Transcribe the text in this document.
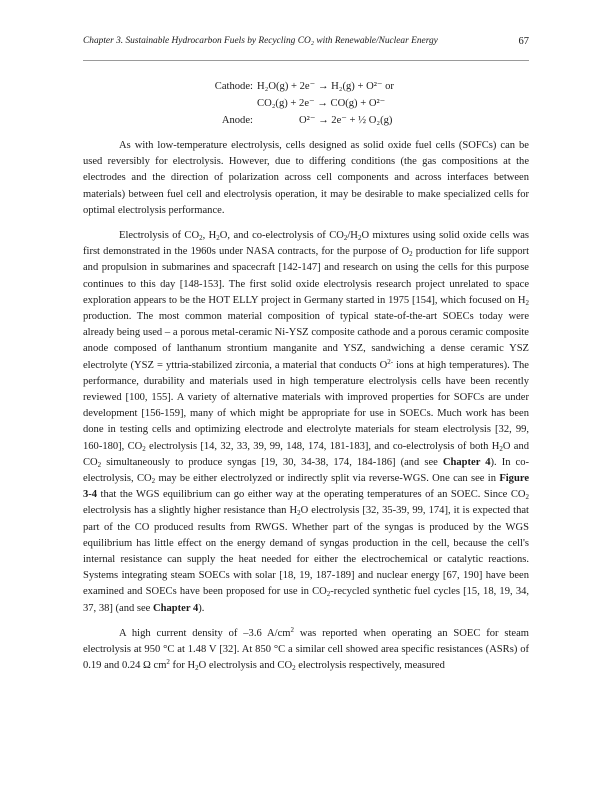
Chapter 3. Sustainable Hydrocarbon Fuels by Recycling CO₂ with Renewable/Nuclear Energy	67
Cathode: H₂O(g) + 2e⁻ → H₂(g) + O²⁻ or
CO₂(g) + 2e⁻ → CO(g) + O²⁻
Anode:	O²⁻ → 2e⁻ + ½ O₂(g)

As with low-temperature electrolysis, cells designed as solid oxide fuel cells (SOFCs) can be used reversibly for electrolysis. However, due to differing conditions (the gas compositions at the electrodes and the direction of polarization across cell components and across interfaces between materials) between fuel cell and electrolysis operation, it may be desirable to make specialized cells for optimal electrolysis performance.

Electrolysis of $CO_2$, $H_2O$, and co-electrolysis of $CO_2/H_2O$ mixtures using solid oxide cells was first demonstrated in the 1960s under NASA contracts, for the purpose of $O_2$ production for life support and propulsion in submarines and spacecraft [142-147] and research on using the cells for this purpose continues to this day [148-153]. The first solid oxide electrolysis research project unrelated to space exploration appears to be the HOT ELLY project in Germany started in 1975 [154], which focused on $H_2$ production. The most common material composition of typical state-of-the-art SOECs today were already being used – a porous metal-ceramic Ni-YSZ composite cathode and a porous ceramic composite anode composed of lanthanum strontium manganite and YSZ, sandwiching a dense ceramic YSZ electrolyte (YSZ = yttria-stabilized zirconia, a material that conducts $O^{2-}$ ions at high temperatures). The performance, durability and materials used in high temperature electrolysis cells have been recently reviewed [100, 155]. A variety of alternative materials with improved properties for SOFCs are under development [156-159], many of which might be appropriate for use in SOECs. Much work has been done in testing cells and optimizing electrode and electrolyte materials for steam electrolysis [32, 99, 160-180], $CO_2$ electrolysis [14, 32, 33, 39, 99, 148, 174, 181-183], and co-electrolysis of both $H_2O$ and $CO_2$ simultaneously to produce syngas [19, 30, 34-38, 174, 184-186] (and see Chapter 4). In co-electrolysis, $CO_2$ may be either electrolyzed or indirectly split via reverse-WGS. One can see in Figure 3-4 that the WGS equilibrium can go either way at the operating temperatures of an SOEC. Since $CO_2$ electrolysis has a slightly higher resistance than $H_2O$ electrolysis [32, 35-39, 99, 174], it is expected that part of the CO produced results from RWGS. Whether part of the syngas is produced by the WGS equilibrium has little effect on the energy demand of syngas production in the cell, because the cell's internal resistance can supply the heat needed for either the electrochemical or catalytic reactions. Systems integrating steam SOECs with solar [18, 19, 187-189] and nuclear energy [67, 190] have been examined and SOECs have been proposed for use in $CO_2$-recycled synthetic fuel cycles [15, 18, 19, 34, 37, 38] (and see Chapter 4).

A high current density of –3.6 $A/cm^2$ was reported when operating an SOEC for steam electrolysis at 950 °C at 1.48 V [32]. At 850 °C a similar cell showed area specific resistances (ASRs) of 0.19 and 0.24 Ω $cm^2$ for $H_2O$ electrolysis and $CO_2$ electrolysis respectively, measured
